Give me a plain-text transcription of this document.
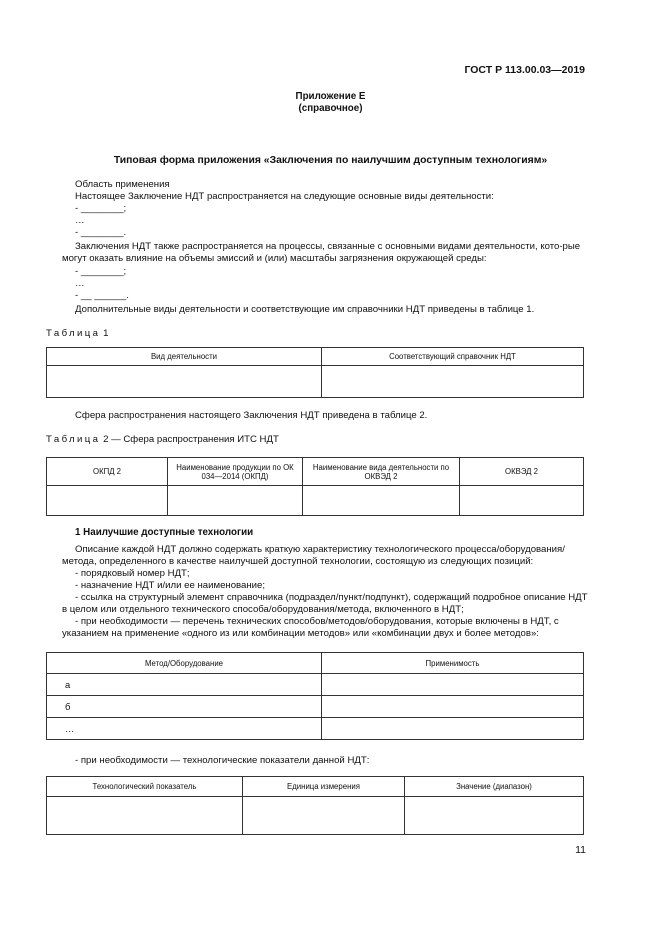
ГОСТ Р 113.00.03—2019
Приложение Е
(справочное)
Типовая форма приложения «Заключения по наилучшим доступным технологиям»
Область применения
Настоящее Заключение НДТ распространяется на следующие основные виды деятельности:
- ________;
…
- ________.
Заключения НДТ также распространяется на процессы, связанные с основными видами деятельности, кото-рые могут оказать влияние на объемы эмиссий и (или) масштабы загрязнения окружающей среды:
- ________;
…
- __ ______.
Дополнительные виды деятельности и соответствующие им справочники НДТ приведены в таблице 1.
Таблица 1
Вид деятельности	Соответствующий справочник НДТ

Сфера распространения настоящего Заключения НДТ приведена в таблице 2.
Таблица 2 — Сфера распространения ИТС НДТ
ОКПД 2	Наименование продукции по ОК 034—2014 (ОКПД)	Наименование вида деятельности по ОКВЭД 2	ОКВЭД 2

1 Наилучшие доступные технологии
Описание каждой НДТ должно содержать краткую характеристику технологического процесса/оборудования/метода, определенного в качестве наилучшей доступной технологии, состоящую из следующих позиций:
- порядковый номер НДТ;
- назначение НДТ и/или ее наименование;
- ссылка на структурный элемент справочника (подраздел/пункт/подпункт), содержащий подробное описание НДТ в целом или отдельного технического способа/оборудования/метода, включенного в НДТ;
- при необходимости — перечень технических способов/методов/оборудования, которые включены в НДТ, с указанием на применение «одного из или комбинации методов» или «комбинации двух и более методов»:
Метод/Оборудование	Применимость
а	
б	
…	
- при необходимости — технологические показатели данной НДТ:
Технологический показатель	Единица измерения	Значение (диапазон)

11
